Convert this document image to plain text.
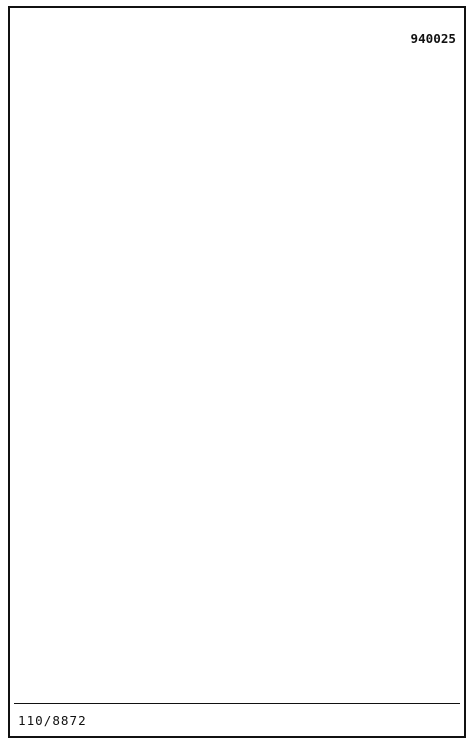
940025
110/8872
